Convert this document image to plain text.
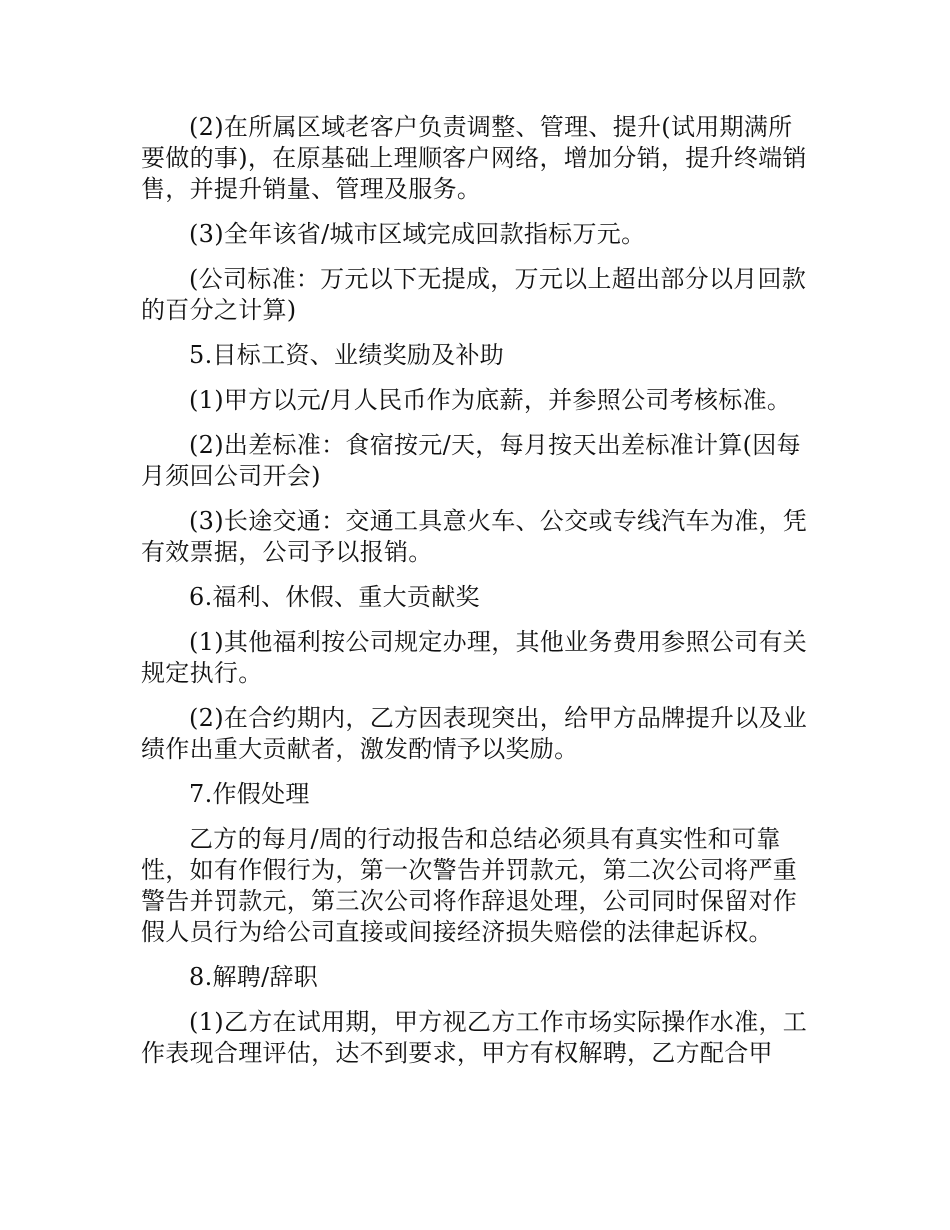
(2)在所属区域老客户负责调整、管理、提升(试用期满所要做的事)，在原基础上理顺客户网络，增加分销，提升终端销售，并提升销量、管理及服务。

(3)全年该省/城市区域完成回款指标万元。

(公司标准：万元以下无提成，万元以上超出部分以月回款的百分之计算)

5.目标工资、业绩奖励及补助

(1)甲方以元/月人民币作为底薪，并参照公司考核标准。

(2)出差标准：食宿按元/天，每月按天出差标准计算(因每月须回公司开会)

(3)长途交通：交通工具意火车、公交或专线汽车为准，凭有效票据，公司予以报销。

6.福利、休假、重大贡献奖

(1)其他福利按公司规定办理，其他业务费用参照公司有关规定执行。

(2)在合约期内，乙方因表现突出，给甲方品牌提升以及业绩作出重大贡献者，激发酌情予以奖励。

7.作假处理

乙方的每月/周的行动报告和总结必须具有真实性和可靠性，如有作假行为，第一次警告并罚款元，第二次公司将严重警告并罚款元，第三次公司将作辞退处理，公司同时保留对作假人员行为给公司直接或间接经济损失赔偿的法律起诉权。

8.解聘/辞职

(1)乙方在试用期，甲方视乙方工作市场实际操作水准，工作表现合理评估，达不到要求，甲方有权解聘，乙方配合甲
